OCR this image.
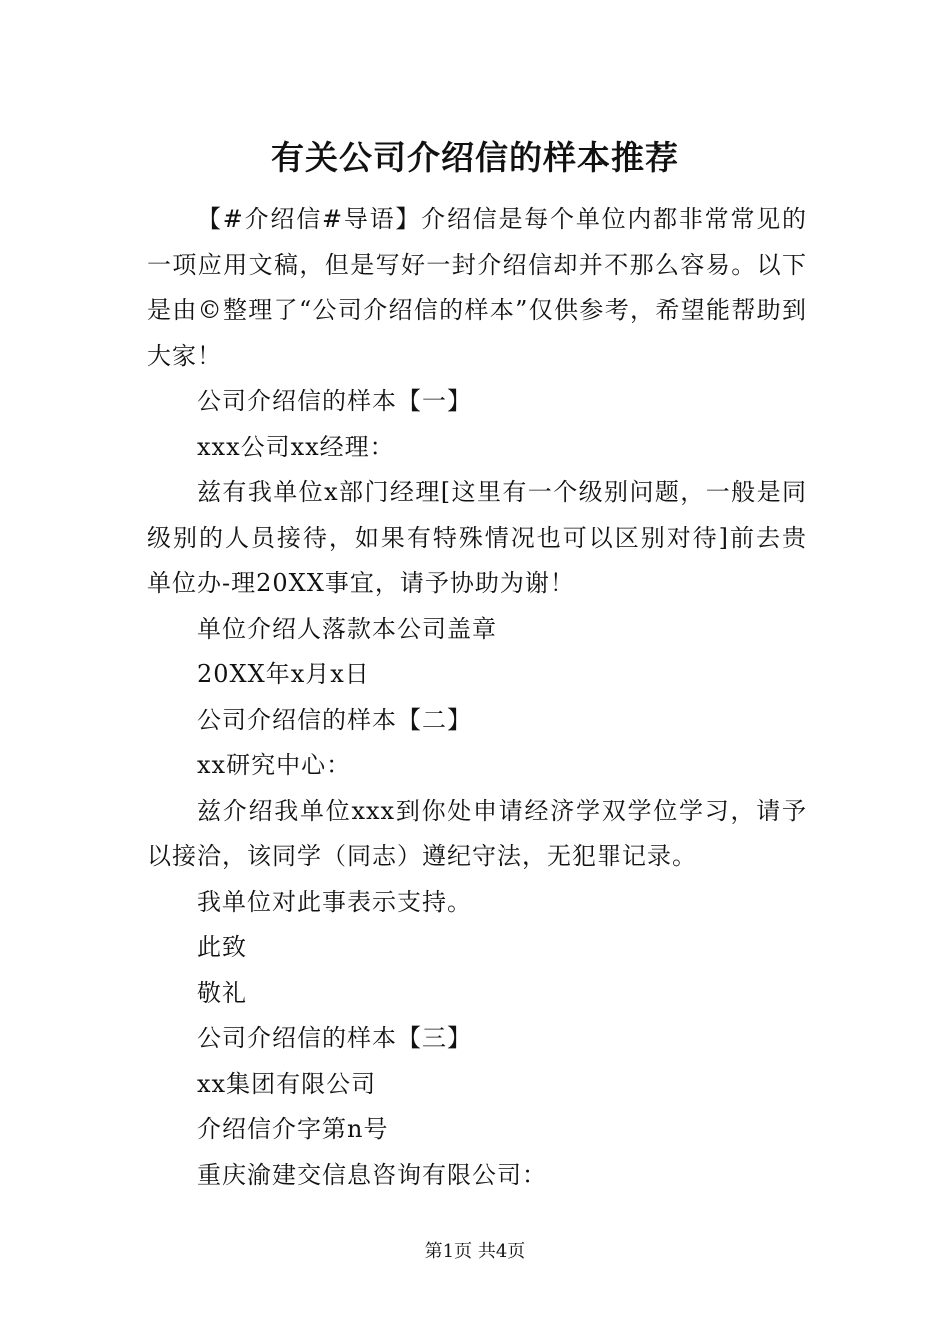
有关公司介绍信的样本推荐

【#介绍信#导语】介绍信是每个单位内都非常常见的一项应用文稿，但是写好一封介绍信却并不那么容易。以下是由©整理了“公司介绍信的样本”仅供参考，希望能帮助到大家！

公司介绍信的样本【一】

xxx公司xx经理：

兹有我单位x部门经理[这里有一个级别问题，一般是同级别的人员接待，如果有特殊情况也可以区别对待]前去贵单位办-理20XX事宜，请予协助为谢！

单位介绍人落款本公司盖章

20XX年x月x日

公司介绍信的样本【二】

xx研究中心：

兹介绍我单位xxx到你处申请经济学双学位学习，请予以接洽，该同学（同志）遵纪守法，无犯罪记录。

我单位对此事表示支持。

此致

敬礼

公司介绍信的样本【三】

xx集团有限公司

介绍信介字第n号

重庆渝建交信息咨询有限公司：

第1页 共4页
